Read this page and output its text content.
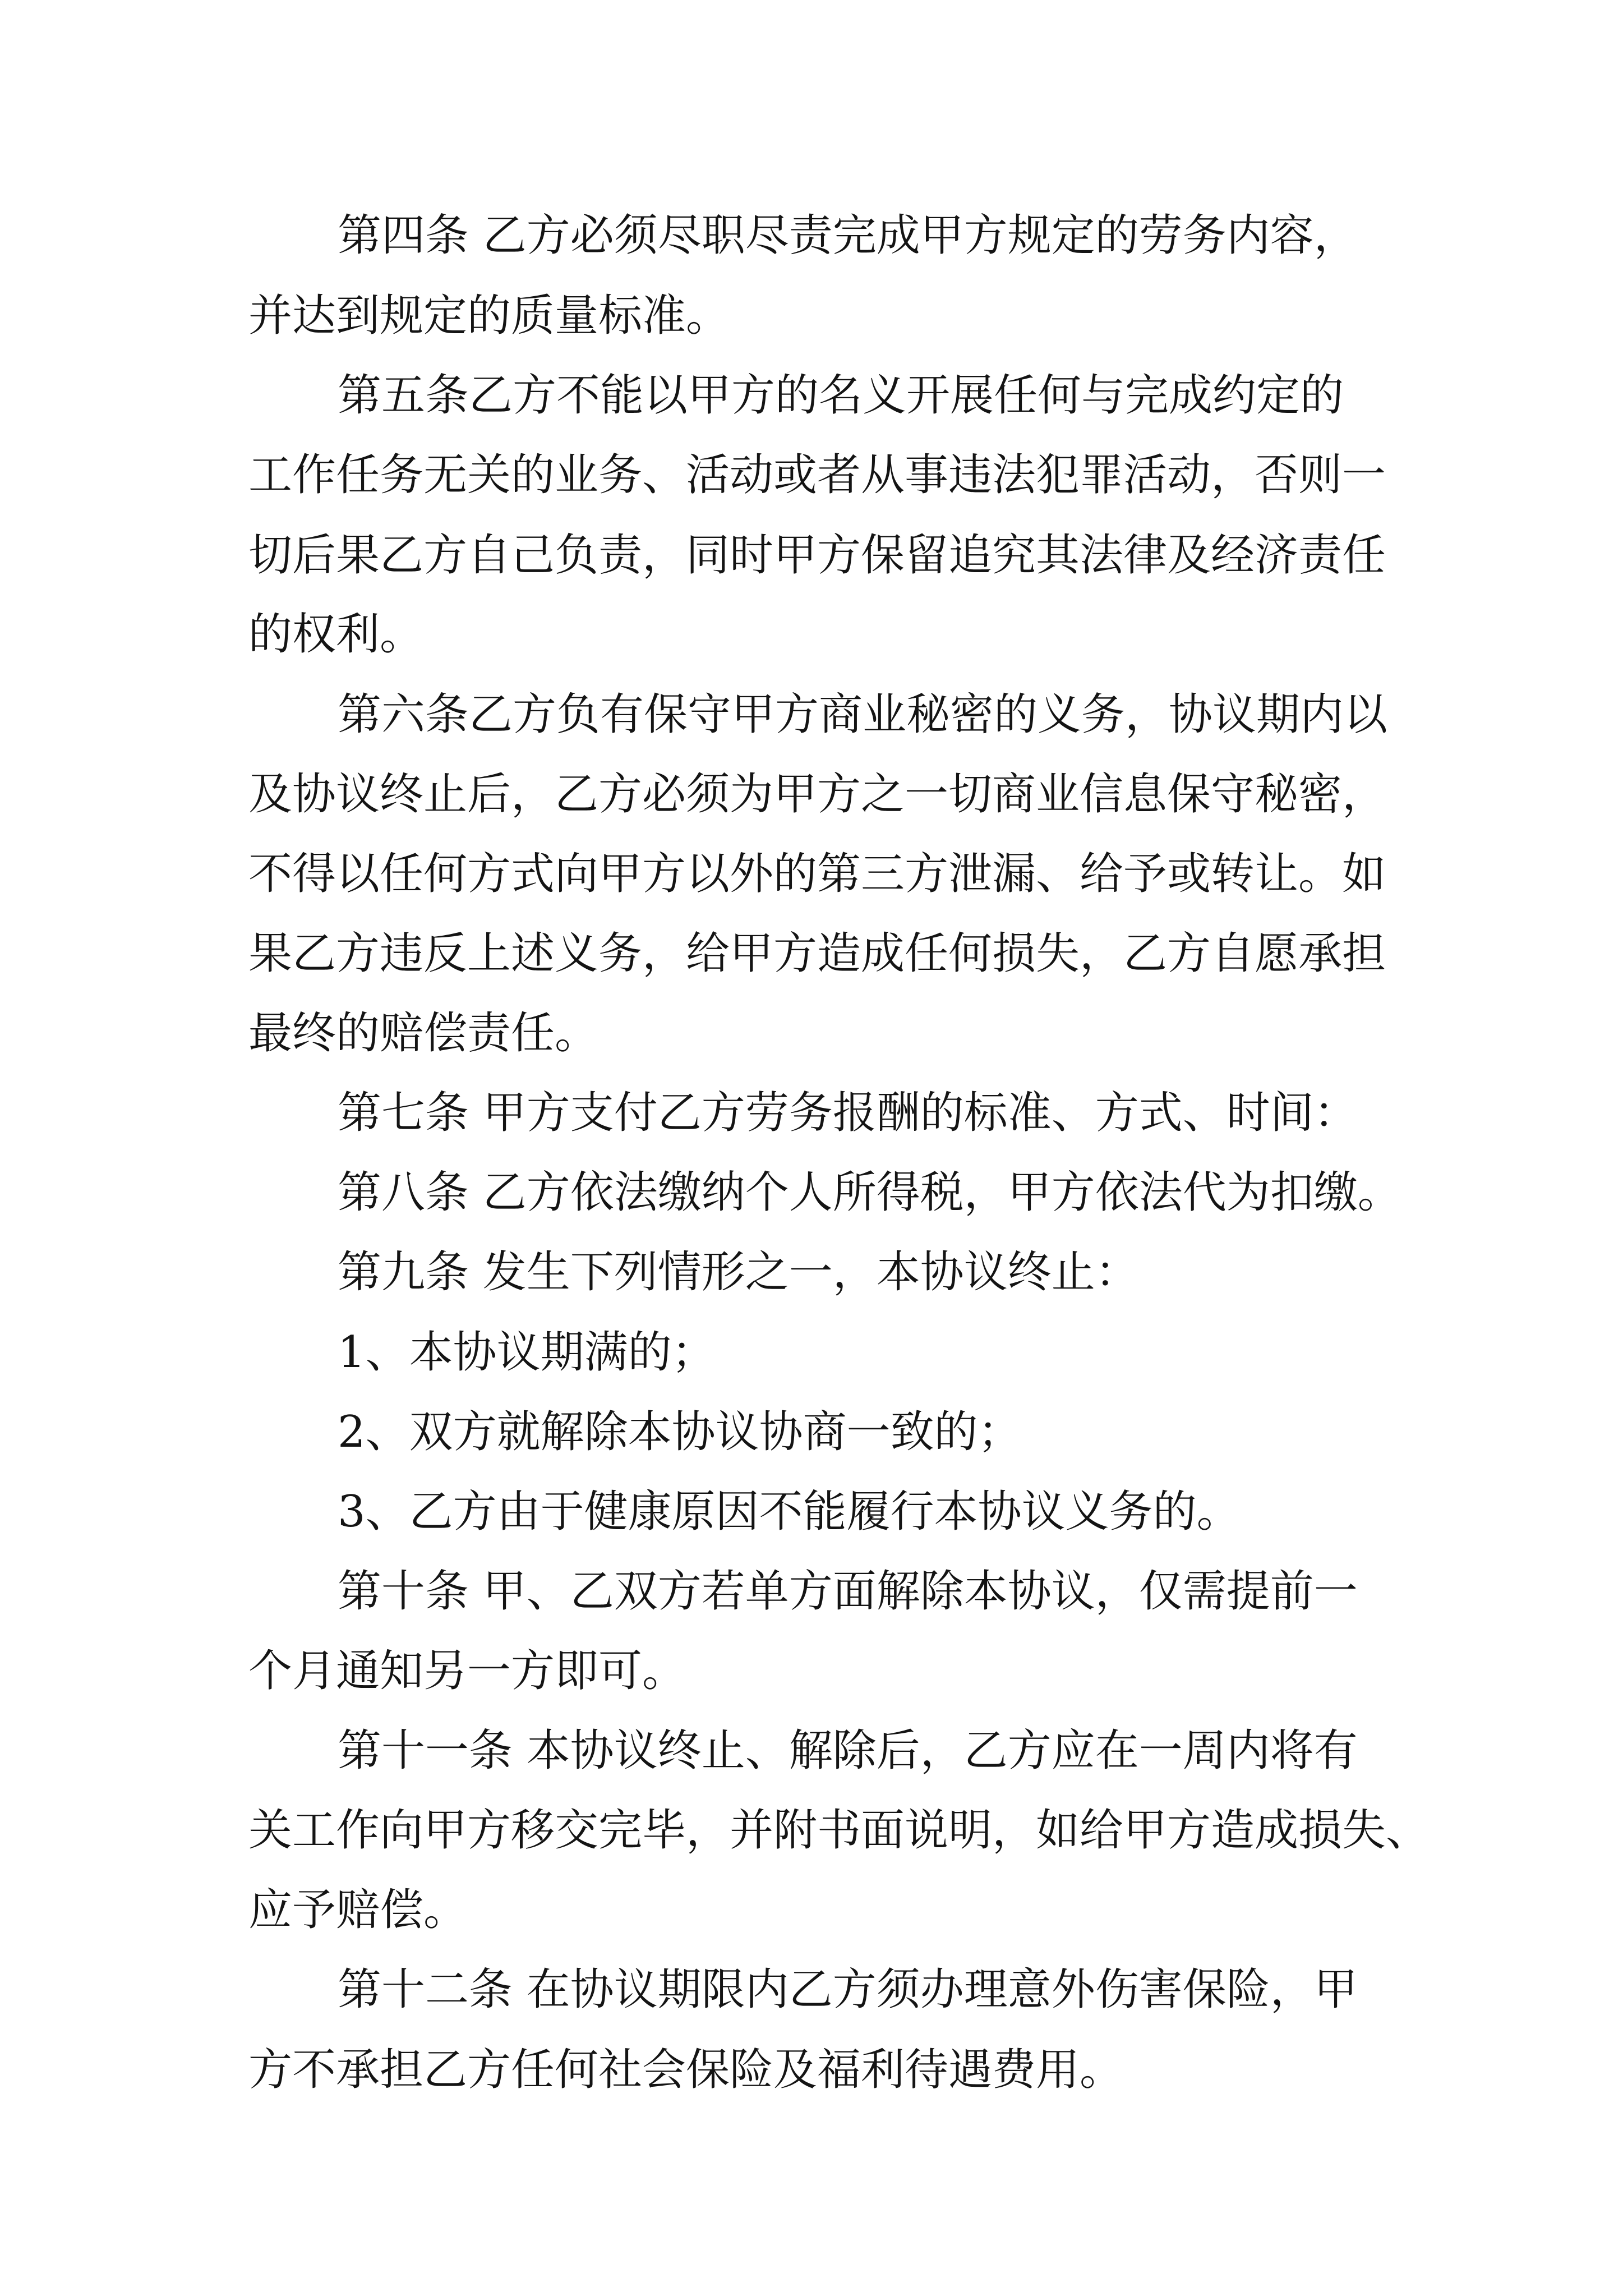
第四条 乙方必须尽职尽责完成甲方规定的劳务内容，

并达到规定的质量标准。

第五条乙方不能以甲方的名义开展任何与完成约定的

工作任务无关的业务、活动或者从事违法犯罪活动，否则一

切后果乙方自己负责，同时甲方保留追究其法律及经济责任

的权利。

第六条乙方负有保守甲方商业秘密的义务，协议期内以

及协议终止后，乙方必须为甲方之一切商业信息保守秘密，

不得以任何方式向甲方以外的第三方泄漏、给予或转让。如

果乙方违反上述义务，给甲方造成任何损失，乙方自愿承担

最终的赔偿责任。

第七条 甲方支付乙方劳务报酬的标准、方式、时间：

第八条 乙方依法缴纳个人所得税，甲方依法代为扣缴。

第九条 发生下列情形之一，本协议终止：

1、本协议期满的；

2、双方就解除本协议协商一致的；

3、乙方由于健康原因不能履行本协议义务的。

第十条 甲、乙双方若单方面解除本协议，仅需提前一

个月通知另一方即可。

第十一条 本协议终止、解除后，乙方应在一周内将有

关工作向甲方移交完毕，并附书面说明，如给甲方造成损失、

应予赔偿。

第十二条 在协议期限内乙方须办理意外伤害保险，甲

方不承担乙方任何社会保险及福利待遇费用。
